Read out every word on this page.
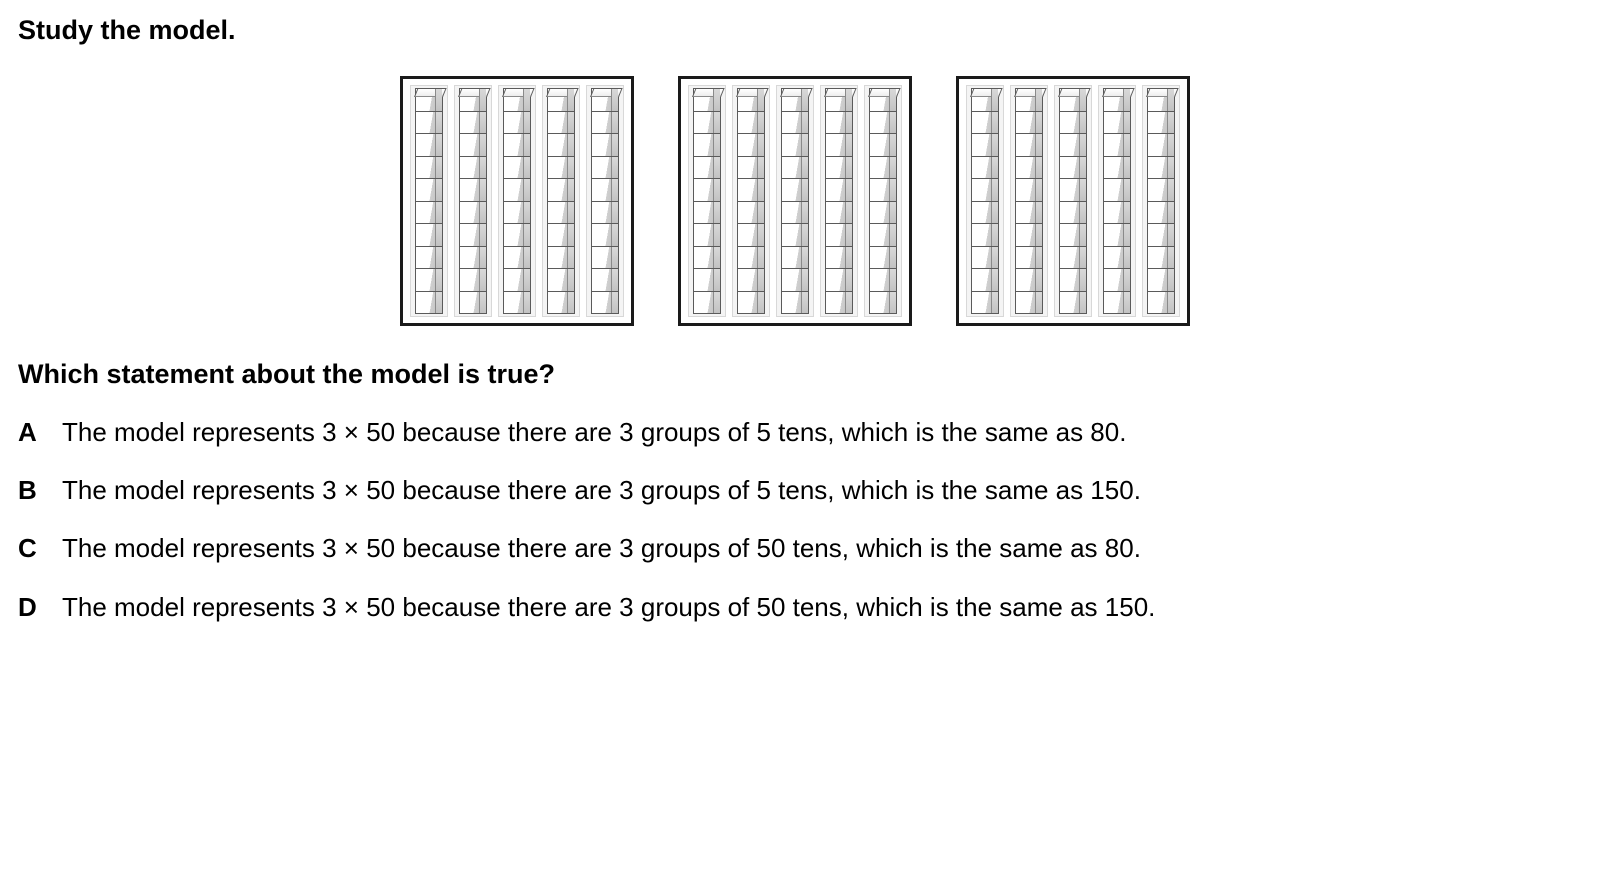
Study the model.
Which statement about the model is true?
A The model represents 3 × 50 because there are 3 groups of 5 tens, which is the same as 80.
B The model represents 3 × 50 because there are 3 groups of 5 tens, which is the same as 150.
C The model represents 3 × 50 because there are 3 groups of 50 tens, which is the same as 80.
D The model represents 3 × 50 because there are 3 groups of 50 tens, which is the same as 150.
